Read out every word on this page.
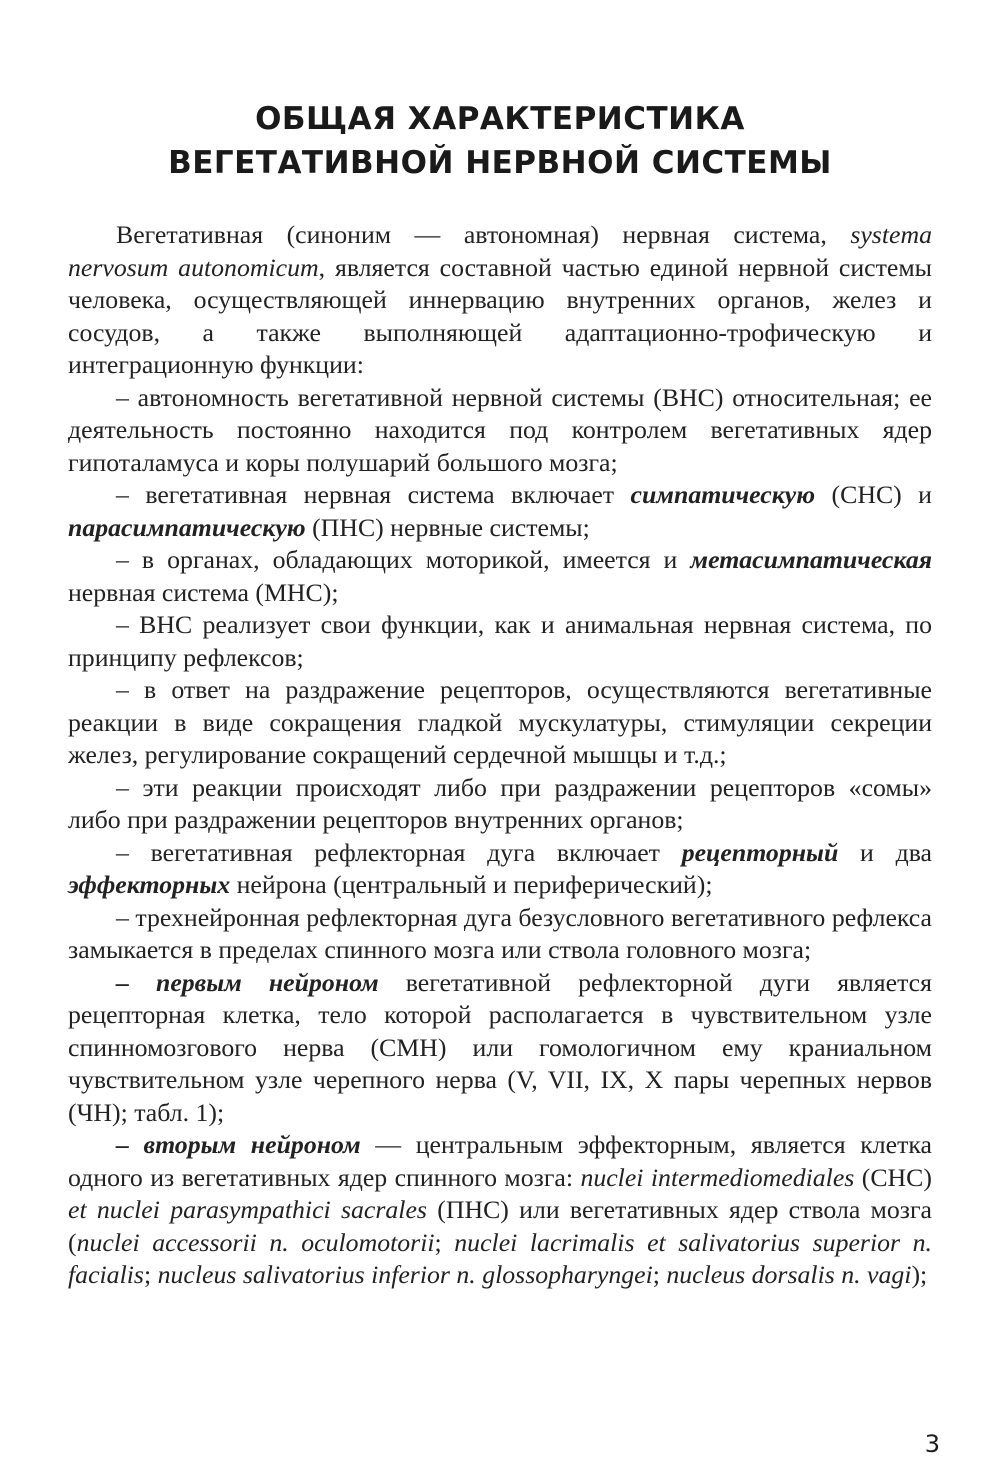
ОБЩАЯ ХАРАКТЕРИСТИКА
ВЕГЕТАТИВНОЙ НЕРВНОЙ СИСТЕМЫ

Вегетативная (синоним — автономная) нервная система, systema nervosum autonomicum, является составной частью единой нервной системы человека, осуществляющей иннервацию внутренних органов, желез и сосудов, а также выполняющей адаптационно-трофическую и интеграционную функции:

– автономность вегетативной нервной системы (ВНС) относительная; ее деятельность постоянно находится под контролем вегетативных ядер гипоталамуса и коры полушарий большого мозга;

– вегетативная нервная система включает симпатическую (СНС) и парасимпатическую (ПНС) нервные системы;

– в органах, обладающих моторикой, имеется и метасимпатическая нервная система (МНС);

– ВНС реализует свои функции, как и анимальная нервная система, по принципу рефлексов;

– в ответ на раздражение рецепторов, осуществляются вегетативные реакции в виде сокращения гладкой мускулатуры, стимуляции секреции желез, регулирование сокращений сердечной мышцы и т.д.;

– эти реакции происходят либо при раздражении рецепторов «сомы» либо при раздражении рецепторов внутренних органов;

– вегетативная рефлекторная дуга включает рецепторный и два эффекторных нейрона (центральный и периферический);

– трехнейронная рефлекторная дуга безусловного вегетативного рефлекса замыкается в пределах спинного мозга или ствола головного мозга;

– первым нейроном вегетативной рефлекторной дуги является рецепторная клетка, тело которой располагается в чувствительном узле спинномозгового нерва (СМН) или гомологичном ему краниальном чувствительном узле черепного нерва (V, VII, IX, X пары черепных нервов (ЧН); табл. 1);

– вторым нейроном — центральным эффекторным, является клетка одного из вегетативных ядер спинного мозга: nuclei intermediomediales (СНС) et nuclei parasympathici sacrales (ПНС) или вегетативных ядер ствола мозга (nuclei accessorii n. oculomotorii; nuclei lacrimalis et salivatorius superior n. facialis; nucleus salivatorius inferior n. glossopharyngei; nucleus dorsalis n. vagi);

3
